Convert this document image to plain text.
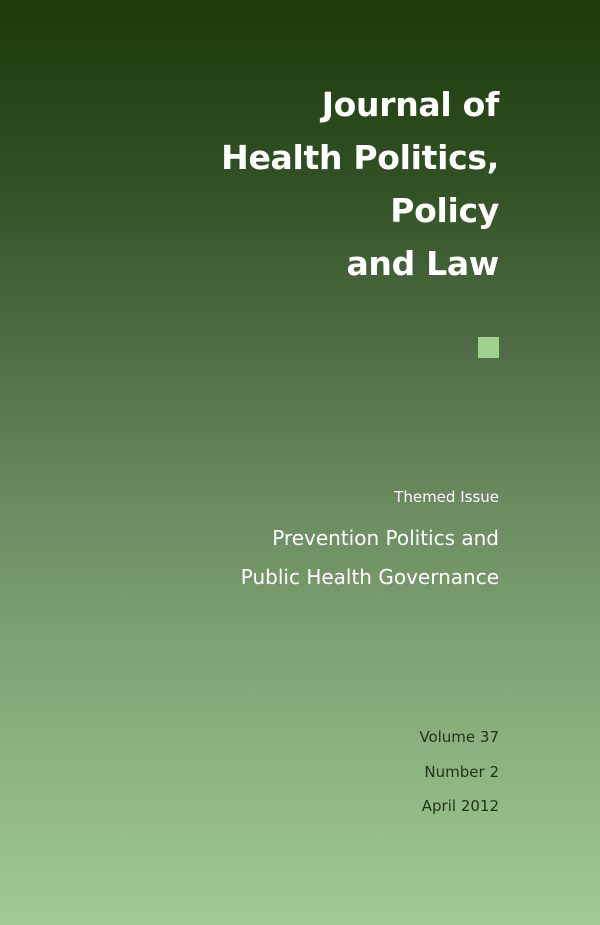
Journal of
Health Politics,
Policy
and Law
Themed Issue
Prevention Politics and
Public Health Governance
Volume 37
Number 2
April 2012
